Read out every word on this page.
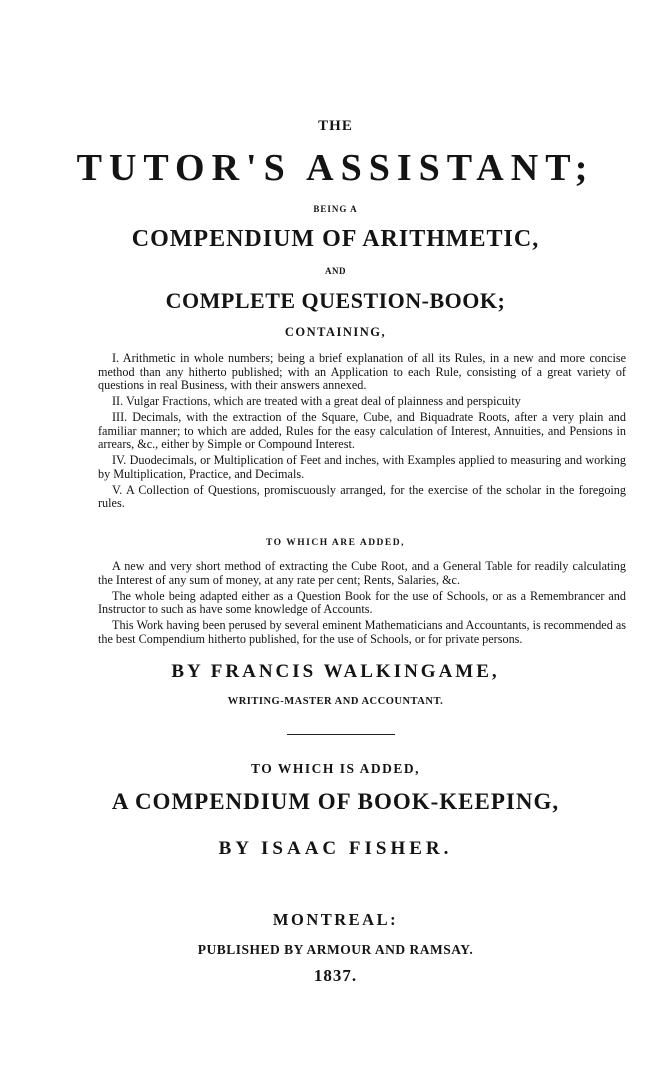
THE
TUTOR'S ASSISTANT;
BEING A
COMPENDIUM OF ARITHMETIC,
AND
COMPLETE QUESTION-BOOK;
CONTAINING,

I. Arithmetic in whole numbers; being a brief explanation of all its Rules, in a new and more concise method than any hitherto published; with an Application to each Rule, consisting of a great variety of questions in real Business, with their answers annexed.

II. Vulgar Fractions, which are treated with a great deal of plainness and perspicuity

III. Decimals, with the extraction of the Square, Cube, and Biquadrate Roots, after a very plain and familiar manner; to which are added, Rules for the easy calculation of Interest, Annuities, and Pensions in arrears, &c., either by Simple or Compound Interest.

IV. Duodecimals, or Multiplication of Feet and inches, with Examples applied to measuring and working by Multiplication, Practice, and Decimals.

V. A Collection of Questions, promiscuously arranged, for the exercise of the scholar in the foregoing rules.

TO WHICH ARE ADDED,

A new and very short method of extracting the Cube Root, and a General Table for readily calculating the Interest of any sum of money, at any rate per cent; Rents, Salaries, &c.

The whole being adapted either as a Question Book for the use of Schools, or as a Remembrancer and Instructor to such as have some knowledge of Accounts.

This Work having been perused by several eminent Mathematicians and Accountants, is recommended as the best Compendium hitherto published, for the use of Schools, or for private persons.

BY FRANCIS WALKINGAME,
WRITING-MASTER AND ACCOUNTANT.
TO WHICH IS ADDED,
A COMPENDIUM OF BOOK-KEEPING,
BY ISAAC FISHER.
MONTREAL:
PUBLISHED BY ARMOUR AND RAMSAY.
1837.
